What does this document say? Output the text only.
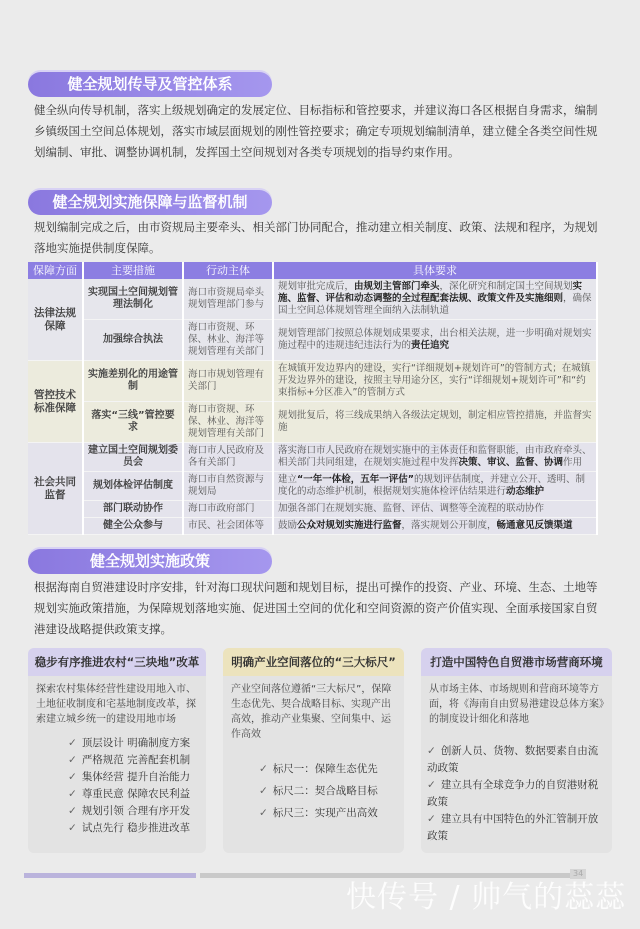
健全规划传导及管控体系

健全纵向传导机制，落实上级规划确定的发展定位、目标指标和管控要求，并建议海口各区根据自身需求，编制乡镇级国土空间总体规划，落实市域层面规划的刚性管控要求；确定专项规划编制清单，建立健全各类空间性规划编制、审批、调整协调机制，发挥国土空间规划对各类专项规划的指导约束作用。

健全规划实施保障与监督机制

规划编制完成之后，由市资规局主要牵头、相关部门协同配合，推动建立相关制度、政策、法规和程序，为规划落地实施提供制度保障。

保障方面	主要措施	行动主体	具体要求
法律法规保障	实现国土空间规划管理法制化	海口市资规局牵头规划管理部门参与	规划审批完成后，由规划主管部门牵头，深化研究和制定国土空间规划实施、监督、评估和动态调整的全过程配套法规、政策文件及实施细则，确保国土空间总体规划管理全面纳入法制轨道
	加强综合执法	海口市资规、环保、林业、海洋等规划管理有关部门	规划管理部门按照总体规划成果要求，出台相关法规，进一步明确对规划实施过程中的违规违纪违法行为的责任追究
管控技术标准保障	实施差别化的用途管制	海口市规划管理有关部门	在城镇开发边界内的建设，实行“详细规划+规划许可”的管制方式；在城镇开发边界外的建设，按照主导用途分区，实行“详细规划+规划许可”和“约束指标+分区准入”的管制方式
	落实“三线”管控要求	海口市资规、环保、林业、海洋等规划管理有关部门	规划批复后，将三线成果纳入各级法定规划，制定相应管控措施，并监督实施
社会共同监督	建立国土空间规划委员会	海口市人民政府及各有关部门	落实海口市人民政府在规划实施中的主体责任和监督职能，由市政府牵头、相关部门共同组建，在规划实施过程中发挥决策、审议、监督、协调作用
	规划体检评估制度	海口市自然资源与规划局	建立“一年一体检，五年一评估”的规划评估制度，并建立公开、透明、制度化的动态维护机制，根据规划实施体检评估结果进行动态维护
	部门联动协作	海口市政府部门	加强各部门在规划实施、监督、评估、调整等全流程的联动协作
	健全公众参与	市民、社会团体等	鼓励公众对规划实施进行监督，落实规划公开制度，畅通意见反馈渠道
健全规划实施政策

根据海南自贸港建设时序安排，针对海口现状问题和规划目标，提出可操作的投资、产业、环境、生态、土地等规划实施政策措施，为保障规划落地实施、促进国土空间的优化和空间资源的资产价值实现、全面承接国家自贸港建设战略提供政策支撑。

稳步有序推进农村“三块地”改革
探索农村集体经营性建设用地入市、土地征收制度和宅基地制度改革，探索建立城乡统一的建设用地市场
✓ 顶层设计 明确制度方案
✓ 严格规范 完善配套机制
✓ 集体经营 提升自治能力
✓ 尊重民意 保障农民利益
✓ 规划引领 合理有序开发
✓ 试点先行 稳步推进改革
明确产业空间落位的“三大标尺”
产业空间落位遵循“三大标尺”，保障生态优先、契合战略目标、实现产出高效，推动产业集聚、空间集中、运作高效
✓ 标尺一：保障生态优先
✓ 标尺二：契合战略目标
✓ 标尺三：实现产出高效
打造中国特色自贸港市场营商环境
从市场主体、市场规则和营商环境等方面，将《海南自由贸易港建设总体方案》的制度设计细化和落地
✓ 创新人员、货物、数据要素自由流动政策
✓ 建立具有全球竞争力的自贸港财税政策
✓ 建立具有中国特色的外汇管制开放政策
34
快传号 / 帅气的蕊蕊
